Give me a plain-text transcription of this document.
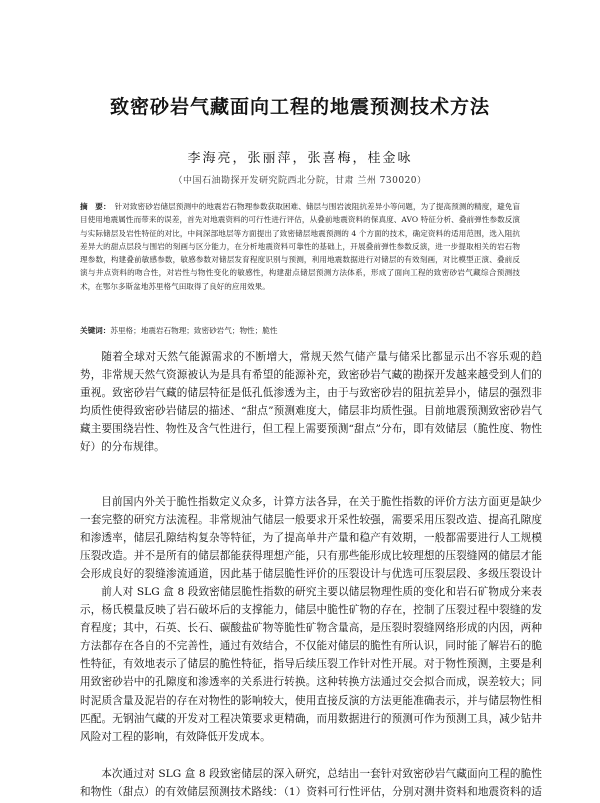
致密砂岩气藏面向工程的地震预测技术方法
李海亮，张丽萍，张喜梅，桂金咏
（中国石油勘探开发研究院西北分院，甘肃 兰州 730020）
摘　要： 针对致密砂岩储层预测中的地震岩石物理参数获取困难、储层与围岩波阻抗差异小等问题，为了提高预测的精度，避免盲目使用地震属性而带来的误差，首先对地震资料的可行性进行评估，从叠前地震资料的保真度、AVO 特征分析、叠前弹性参数反演与实际储层及岩性特征的对比，中间深部地层等方面提出了致密储层地震预测的 4 个方面的技术，确定资料的适用范围，选入阻抗差异大的甜点层段与围岩的刻画与区分能力，在分析地震资料可靠性的基础上，开展叠前弹性参数反演，进一步提取相关的岩石物理参数，构建叠前敏感参数，敏感参数对储层发育程度识别与预测，利用地震数据进行对储层的有效刻画，对比模型正演、叠前反演与井点资料的吻合性，对岩性与物性变化的敏感性，构建甜点储层预测方法体系，形成了面向工程的致密砂岩气藏综合预测技术，在鄂尔多斯盆地苏里格气田取得了良好的应用效果。
关键词：苏里格；地震岩石物理；致密砂岩气；物性；脆性

随着全球对天然气能源需求的不断增大，常规天然气储产量与储采比都显示出不容乐观的趋势，非常规天然气资源被认为是具有希望的能源补充，致密砂岩气藏的勘探开发越来越受到人们的重视。致密砂岩气藏的储层特征是低孔低渗透为主，由于与致密砂岩的阻抗差异小，储层的强烈非均质性使得致密砂岩储层的描述、“甜点”预测难度大，储层非均质性强。目前地震预测致密砂岩气藏主要围绕岩性、物性及含气性进行，但工程上需要预测“甜点”分布，即有效储层（脆性度、物性好）的分布规律。

目前国内外关于脆性指数定义众多，计算方法各异，在关于脆性指数的评价方法方面更是缺少一套完整的研究方法流程。非常规油气储层一般要求开采性较强，需要采用压裂改造、提高孔隙度和渗透率，储层孔隙结构复杂等特征，为了提高单井产量和稳产有效期，一般都需要进行人工规模压裂改造。并不是所有的储层都能获得理想产能，只有那些能形成比较理想的压裂缝网的储层才能会形成良好的裂缝渗流通道，因此基于储层脆性评价的压裂设计与优选可压裂层段、多级压裂设计

前人对 SLG 盒 8 段致密储层脆性指数的研究主要以储层物理性质的变化和岩石矿物成分来表示，杨氏模量反映了岩石破坏后的支撑能力，储层中脆性矿物的存在，控制了压裂过程中裂缝的发育程度；其中，石英、长石、碳酸盐矿物等脆性矿物含量高，是压裂时裂缝网络形成的内因，两种方法都存在各自的不完善性，通过有效结合，不仅能对储层的脆性有所认识，同时能了解岩石的脆性特征，有效地表示了储层的脆性特征，指导后续压裂工作针对性开展。对于物性预测，主要是利用致密砂岩中的孔隙度和渗透率的关系进行转换。这种转换方法通过交会拟合而成，误差较大；同时泥质含量及泥岩的存在对物性的影响较大，使用直接反演的方法更能准确表示，并与储层物性相匹配。无钢油气藏的开发对工程决策要求更精确，而用数据进行的预测可作为预测工具，减少钻井风险对工程的影响，有效降低开发成本。

本次通过对 SLG 盒 8 段致密储层的深入研究，总结出一套针对致密砂岩气藏面向工程的脆性和物性（甜点）的有效储层预测技术路线：（1）资料可行性评估，分别对测井资料和地震资料的适
